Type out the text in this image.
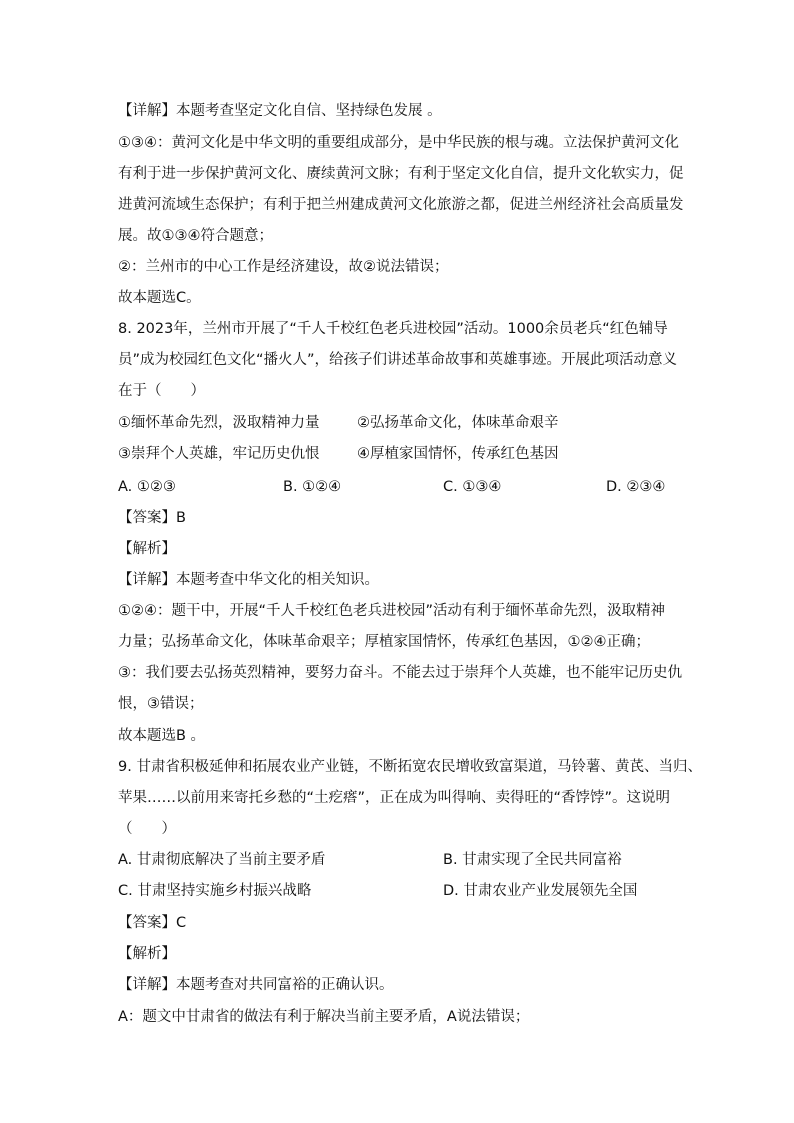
【详解】本题考查坚定文化自信、坚持绿色发展 。
①③④：黄河文化是中华文明的重要组成部分，是中华民族的根与魂。立法保护黄河文化
有利于进一步保护黄河文化、赓续黄河文脉；有利于坚定文化自信，提升文化软实力，促
进黄河流域生态保护；有利于把兰州建成黄河文化旅游之都，促进兰州经济社会高质量发
展。故①③④符合题意；
②：兰州市的中心工作是经济建设，故②说法错误；
故本题选C。
8. 2023年，兰州市开展了“千人千校红色老兵进校园”活动。1000余员老兵“红色辅导
员”成为校园红色文化“播火人”，给孩子们讲述革命故事和英雄事迹。开展此项活动意义
在于（　　）
①缅怀革命先烈，汲取精神力量	②弘扬革命文化，体味革命艰辛
③崇拜个人英雄，牢记历史仇恨	④厚植家国情怀，传承红色基因
A. ①②③	B. ①②④	C. ①③④	D. ②③④
【答案】B
【解析】
【详解】本题考查中华文化的相关知识。
①②④：题干中，开展“千人千校红色老兵进校园”活动有利于缅怀革命先烈，汲取精神
力量；弘扬革命文化，体味革命艰辛；厚植家国情怀，传承红色基因，①②④正确；
③：我们要去弘扬英烈精神，要努力奋斗。不能去过于崇拜个人英雄，也不能牢记历史仇
恨，③错误；
故本题选B 。
9. 甘肃省积极延伸和拓展农业产业链，不断拓宽农民增收致富渠道，马铃薯、黄芪、当归、
苹果……以前用来寄托乡愁的“土疙瘩”，正在成为叫得响、卖得旺的“香饽饽”。这说明
（　　）
A. 甘肃彻底解决了当前主要矛盾	B. 甘肃实现了全民共同富裕
C. 甘肃坚持实施乡村振兴战略	D. 甘肃农业产业发展领先全国
【答案】C
【解析】
【详解】本题考查对共同富裕的正确认识。
A：题文中甘肃省的做法有利于解决当前主要矛盾，A说法错误；
